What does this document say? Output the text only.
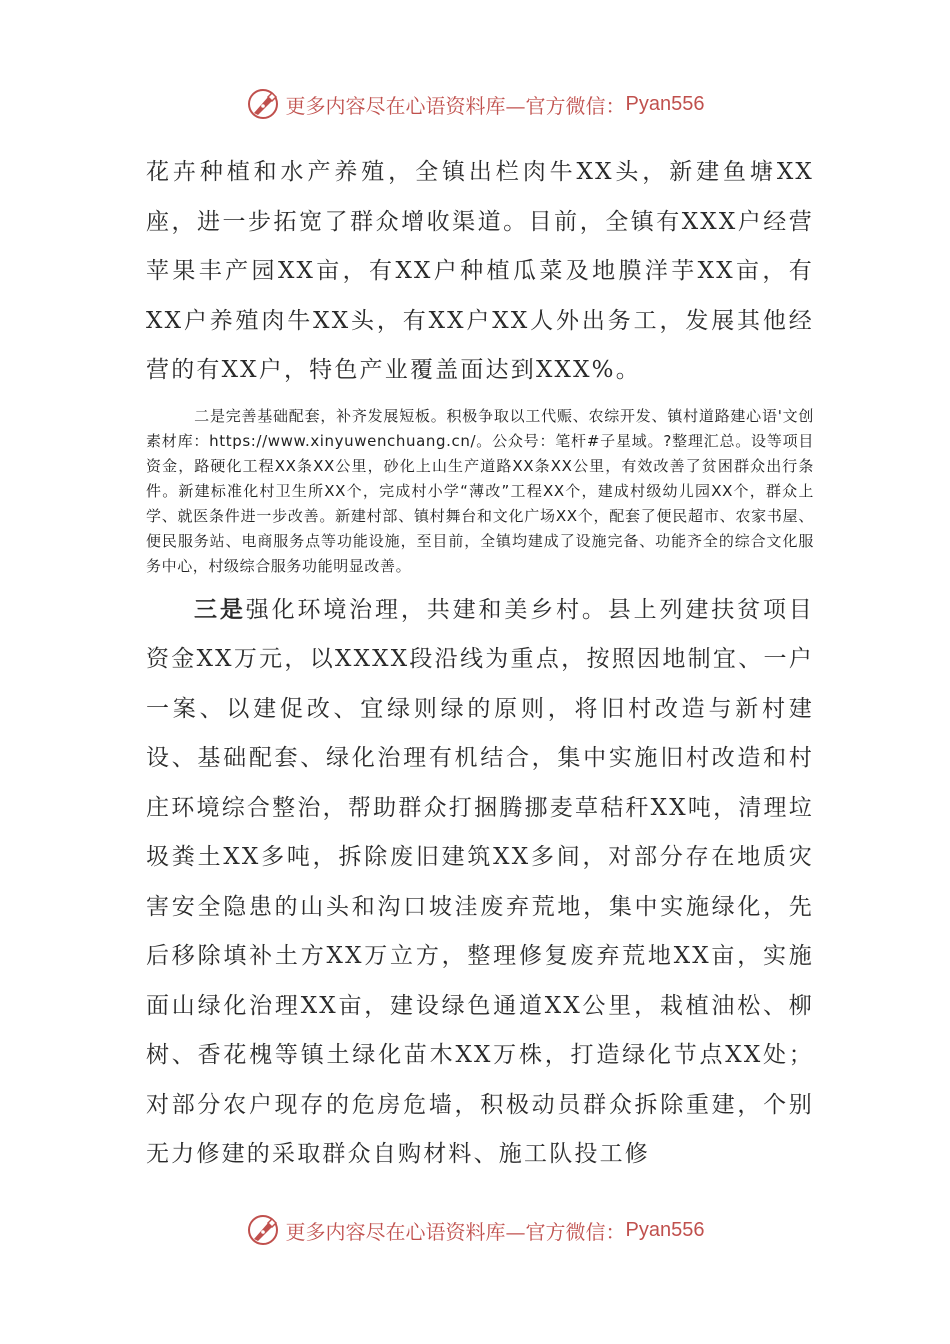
更多内容尽在心语资料库—官方微信： Pyan556

花卉种植和水产养殖，全镇出栏肉牛XX头，新建鱼塘XX座，进一步拓宽了群众增收渠道。目前，全镇有XXX户经营苹果丰产园XX亩，有XX户种植瓜菜及地膜洋芋XX亩，有XX户养殖肉牛XX头，有XX户XX人外出务工，发展其他经营的有XX户，特色产业覆盖面达到XXX%。

二是完善基础配套，补齐发展短板。积极争取以工代赈、农综开发、镇村道路建心语'文创素材库：https://www.xinyuwenchuang.cn/。公众号：笔杆#子星域。?整理汇总。设等项目资金，路硬化工程XX条XX公里，砂化上山生产道路XX条XX公里，有效改善了贫困群众出行条件。新建标准化村卫生所XX个，完成村小学“薄改”工程XX个，建成村级幼儿园XX个，群众上学、就医条件进一步改善。新建村部、镇村舞台和文化广场XX个，配套了便民超市、农家书屋、便民服务站、电商服务点等功能设施，至目前，全镇均建成了设施完备、功能齐全的综合文化服务中心，村级综合服务功能明显改善。

三是强化环境治理，共建和美乡村。县上列建扶贫项目资金XX万元，以XXXX段沿线为重点，按照因地制宜、一户一案、以建促改、宜绿则绿的原则，将旧村改造与新村建设、基础配套、绿化治理有机结合，集中实施旧村改造和村庄环境综合整治，帮助群众打捆腾挪麦草秸秆XX吨，清理垃圾粪土XX多吨，拆除废旧建筑XX多间，对部分存在地质灾害安全隐患的山头和沟口坡洼废弃荒地，集中实施绿化，先后移除填补土方XX万立方，整理修复废弃荒地XX亩，实施面山绿化治理XX亩，建设绿色通道XX公里，栽植油松、柳树、香花槐等镇土绿化苗木XX万株，打造绿化节点XX处；对部分农户现存的危房危墙，积极动员群众拆除重建，个别无力修建的采取群众自购材料、施工队投工修

更多内容尽在心语资料库—官方微信： Pyan556
